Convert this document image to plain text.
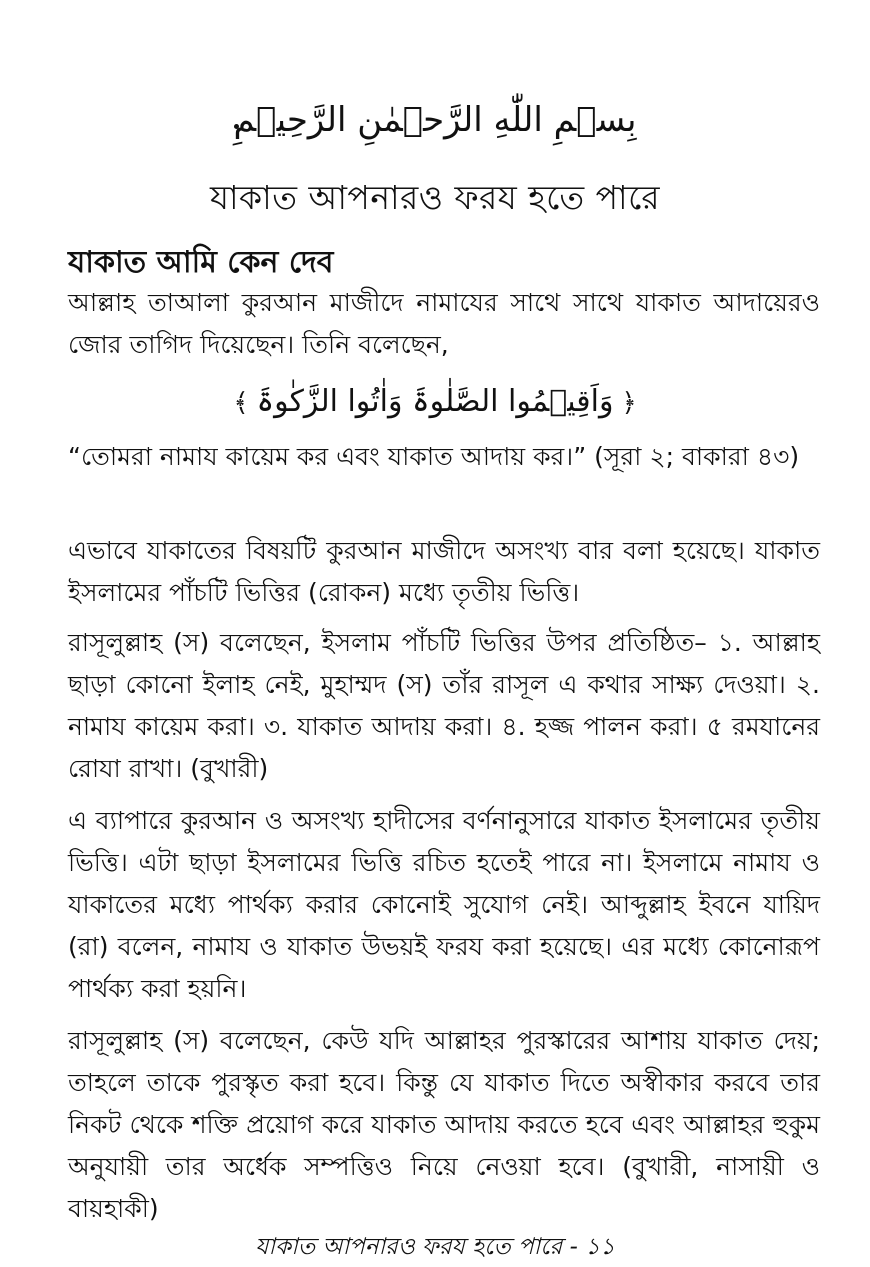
بِسۡمِ اللّٰهِ الرَّحۡمٰنِ الرَّحِیۡمِ
যাকাত আপনারও ফরয হতে পারে
যাকাত আমি কেন দেব

আল্লাহ তাআলা কুরআন মাজীদে নামাযের সাথে সাথে যাকাত আদায়েরও জোর তাগিদ দিয়েছেন। তিনি বলেছেন,

﴿وَاَقِیۡمُوا الصَّلٰوۃَ وَاٰتُوا الزَّکٰوۃَ﴾

“তোমরা নামায কায়েম কর এবং যাকাত আদায় কর।” (সূরা ২; বাকারা ৪৩)

এভাবে যাকাতের বিষয়টি কুরআন মাজীদে অসংখ্য বার বলা হয়েছে। যাকাত ইসলামের পাঁচটি ভিত্তির (রোকন) মধ্যে তৃতীয় ভিত্তি।

রাসূলুল্লাহ (স) বলেছেন, ইসলাম পাঁচটি ভিত্তির উপর প্রতিষ্ঠিত– ১. আল্লাহ ছাড়া কোনো ইলাহ নেই, মুহাম্মদ (স) তাঁর রাসূল এ কথার সাক্ষ্য দেওয়া। ২. নামায কায়েম করা। ৩. যাকাত আদায় করা। ৪. হজ্জ পালন করা। ৫ রমযানের রোযা রাখা। (বুখারী)

এ ব্যাপারে কুরআন ও অসংখ্য হাদীসের বর্ণনানুসারে যাকাত ইসলামের তৃতীয় ভিত্তি। এটা ছাড়া ইসলামের ভিত্তি রচিত হতেই পারে না। ইসলামে নামায ও যাকাতের মধ্যে পার্থক্য করার কোনোই সুযোগ নেই। আব্দুল্লাহ ইবনে যায়িদ (রা) বলেন, নামায ও যাকাত উভয়ই ফরয করা হয়েছে। এর মধ্যে কোনোরূপ পার্থক্য করা হয়নি।

রাসূলুল্লাহ (স) বলেছেন, কেউ যদি আল্লাহর পুরস্কারের আশায় যাকাত দেয়; তাহলে তাকে পুরস্কৃত করা হবে। কিন্তু যে যাকাত দিতে অস্বীকার করবে তার নিকট থেকে শক্তি প্রয়োগ করে যাকাত আদায় করতে হবে এবং আল্লাহর হুকুম অনুযায়ী তার অর্ধেক সম্পত্তিও নিয়ে নেওয়া হবে। (বুখারী, নাসায়ী ও বায়হাকী)

যাকাত আপনারও ফরয হতে পারে - ১১
